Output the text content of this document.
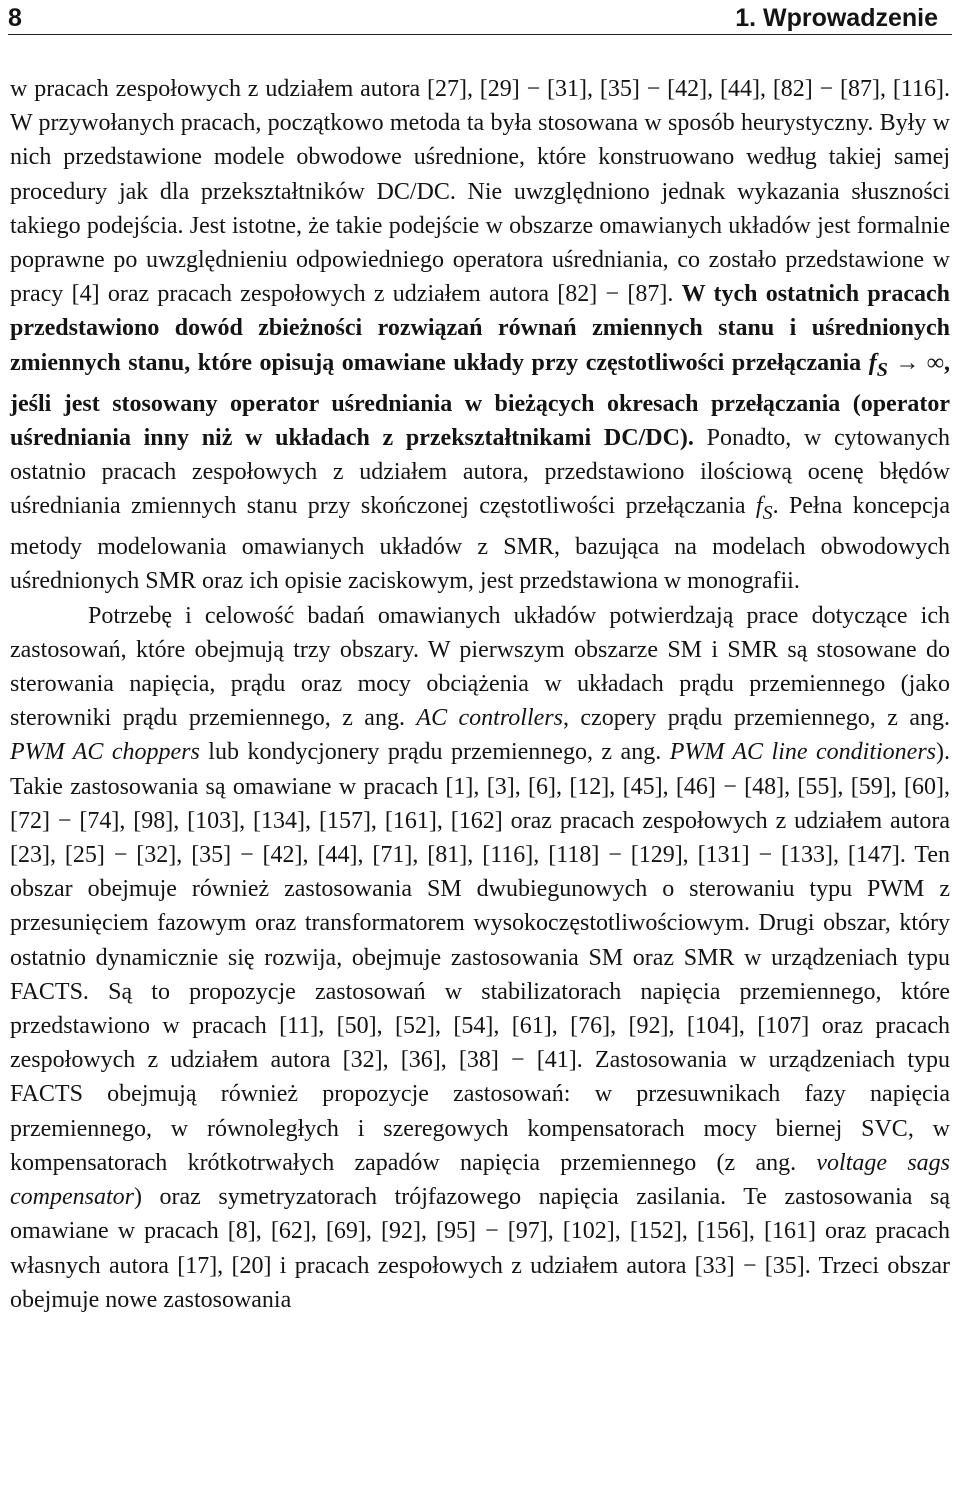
8	1. Wprowadzenie

w pracach zespołowych z udziałem autora [27], [29] − [31], [35] − [42], [44], [82] − [87], [116]. W przywołanych pracach, początkowo metoda ta była stosowana w sposób heurystyczny. Były w nich przedstawione modele obwodowe uśrednione, które konstruowano według takiej samej procedury jak dla przekształtników DC/DC. Nie uwzględniono jednak wykazania słuszności takiego podejścia. Jest istotne, że takie podejście w obszarze omawianych układów jest formalnie poprawne po uwzględnieniu odpowiedniego operatora uśredniania, co zostało przedstawione w pracy [4] oraz pracach zespołowych z udziałem autora [82] − [87]. W tych ostatnich pracach przedstawiono dowód zbieżności rozwiązań równań zmiennych stanu i uśrednionych zmiennych stanu, które opisują omawiane układy przy częstotliwości przełączania $f_S$ → ∞, jeśli jest stosowany operator uśredniania w bieżących okresach przełączania (operator uśredniania inny niż w układach z przekształtnikami DC/DC). Ponadto, w cytowanych ostatnio pracach zespołowych z udziałem autora, przedstawiono ilościową ocenę błędów uśredniania zmiennych stanu przy skończonej częstotliwości przełączania $f_S$. Pełna koncepcja metody modelowania omawianych układów z SMR, bazująca na modelach obwodowych uśrednionych SMR oraz ich opisie zaciskowym, jest przedstawiona w monografii.

Potrzebę i celowość badań omawianych układów potwierdzają prace dotyczące ich zastosowań, które obejmują trzy obszary. W pierwszym obszarze SM i SMR są stosowane do sterowania napięcia, prądu oraz mocy obciążenia w układach prądu przemiennego (jako sterowniki prądu przemiennego, z ang. AC controllers, czopery prądu przemiennego, z ang. PWM AC choppers lub kondycjonery prądu przemiennego, z ang. PWM AC line conditioners). Takie zastosowania są omawiane w pracach [1], [3], [6], [12], [45], [46] − [48], [55], [59], [60], [72] − [74], [98], [103], [134], [157], [161], [162] oraz pracach zespołowych z udziałem autora [23], [25] − [32], [35] − [42], [44], [71], [81], [116], [118] − [129], [131] − [133], [147]. Ten obszar obejmuje również zastosowania SM dwubiegunowych o sterowaniu typu PWM z przesunięciem fazowym oraz transformatorem wysokoczęstotliwościowym. Drugi obszar, który ostatnio dynamicznie się rozwija, obejmuje zastosowania SM oraz SMR w urządzeniach typu FACTS. Są to propozycje zastosowań w stabilizatorach napięcia przemiennego, które przedstawiono w pracach [11], [50], [52], [54], [61], [76], [92], [104], [107] oraz pracach zespołowych z udziałem autora [32], [36], [38] − [41]. Zastosowania w urządzeniach typu FACTS obejmują również propozycje zastosowań: w przesuwnikach fazy napięcia przemiennego, w równoległych i szeregowych kompensatorach mocy biernej SVC, w kompensatorach krótkotrwałych zapadów napięcia przemiennego (z ang. voltage sags compensator) oraz symetryzatorach trójfazowego napięcia zasilania. Te zastosowania są omawiane w pracach [8], [62], [69], [92], [95] − [97], [102], [152], [156], [161] oraz pracach własnych autora [17], [20] i pracach zespołowych z udziałem autora [33] − [35]. Trzeci obszar obejmuje nowe zastosowania
